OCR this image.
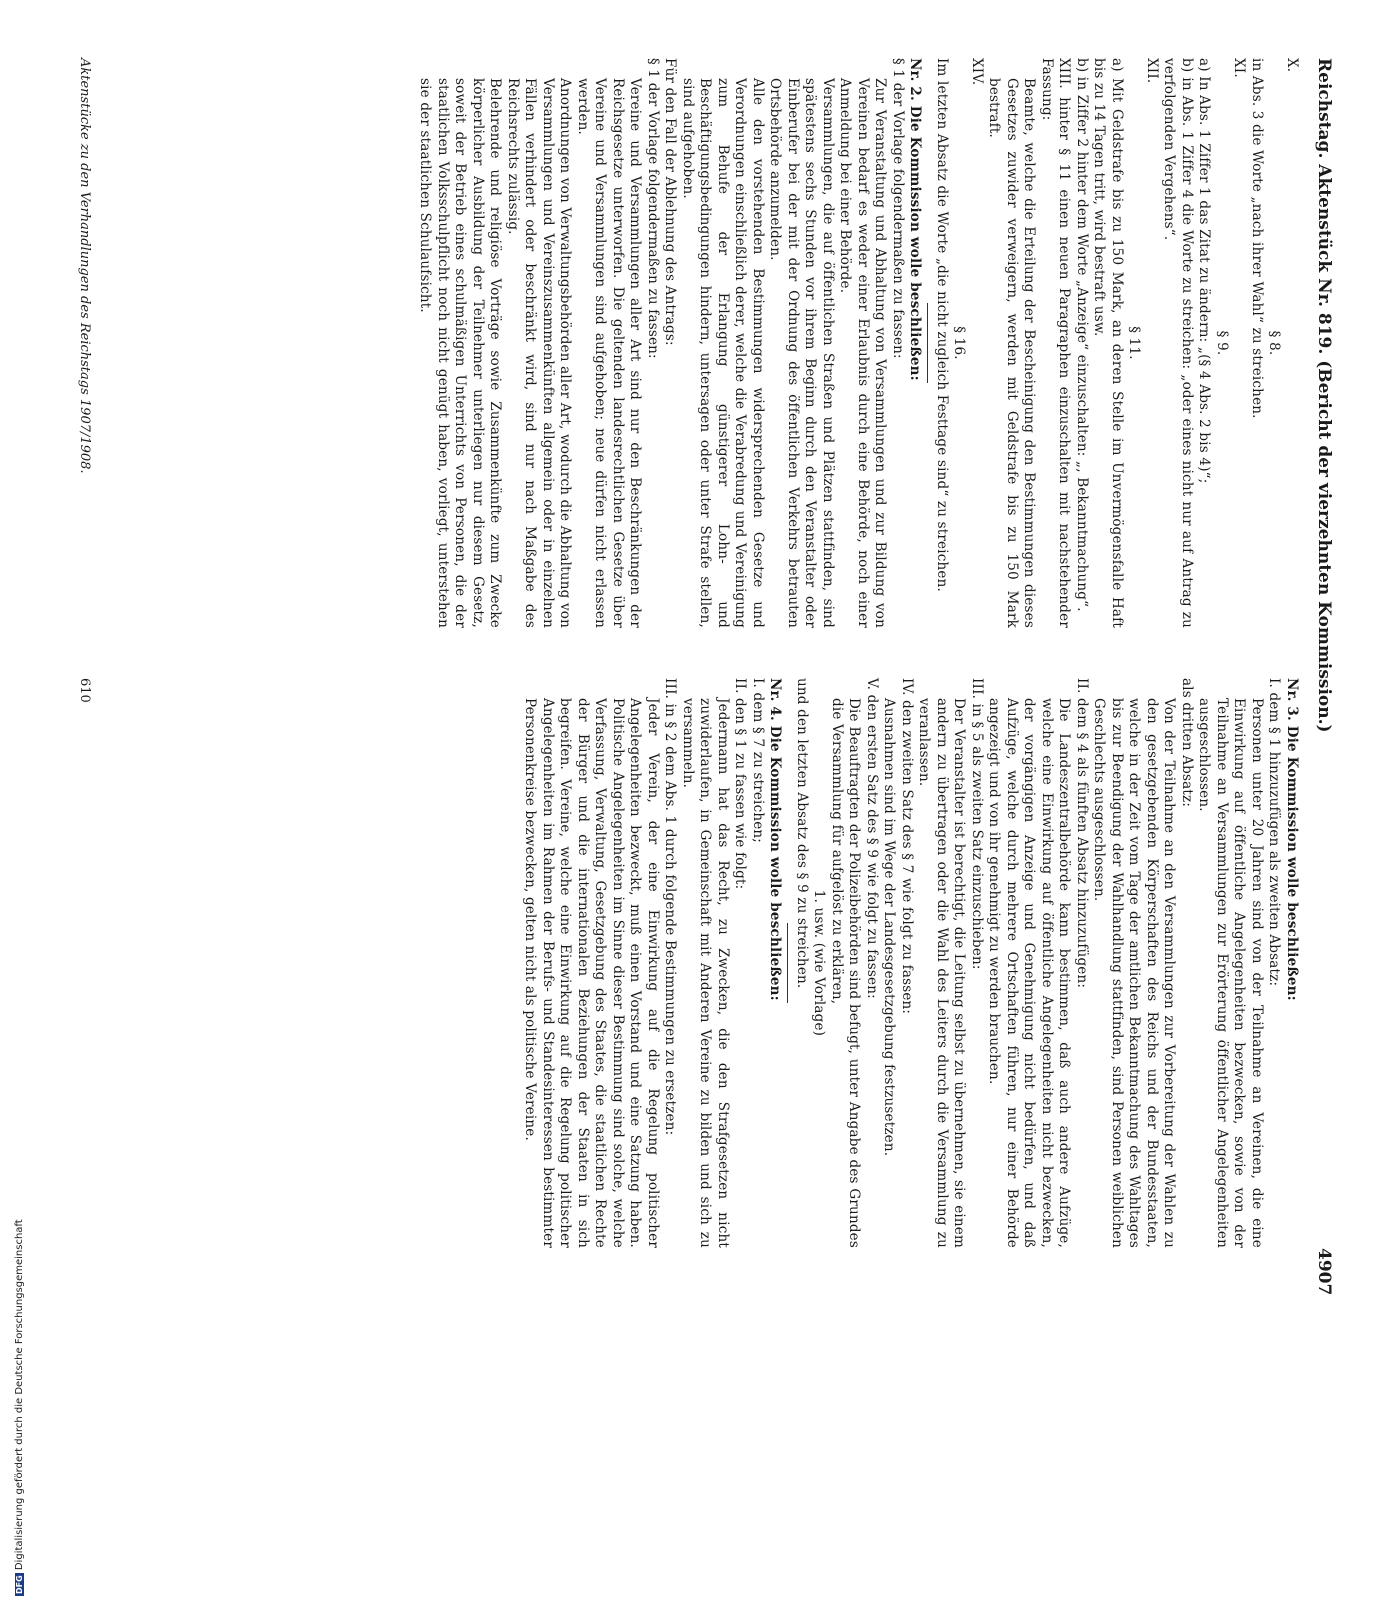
Reichstag. Aktenstück Nr. 819. (Bericht der vierzehnten Kommission.)
4907
X.
§ 8.
in Abs. 3 die Worte „nach ihrer Wahl“ zu streichen.
XI.
§ 9.
a) In Abs. 1 Ziffer 1 das Zitat zu ändern: „(§ 4 Abs. 2 bis 4)“;
b) in Abs. 1 Ziffer 4 die Worte zu streichen: „oder eines nicht nur auf Antrag zu verfolgenden Vergehens“.
XII.
§ 11.
a) Mit Geldstrafe bis zu 150 Mark, an deren Stelle im Unvermögensfalle Haft bis zu 14 Tagen tritt, wird bestraft usw.
b) in Ziffer 2 hinter dem Worte „Anzeige“ einzuschalten: „, Bekanntmachung“.
XIII. hinter § 11 einen neuen Paragraphen einzuschalten mit nachstehender Fassung:
Beamte, welche die Erteilung der Bescheinigung den Bestimmungen dieses Gesetzes zuwider verweigern, werden mit Geldstrafe bis zu 150 Mark bestraft.
XIV.
§ 16.
Im letzten Absatz die Worte „die nicht zugleich Festtage sind“ zu streichen.
Nr. 2. Die Kommission wolle beschließen:
§ 1 der Vorlage folgendermaßen zu fassen:
Zur Veranstaltung und Abhaltung von Versammlungen und zur Bildung von Vereinen bedarf es weder einer Erlaubnis durch eine Behörde, noch einer Anmeldung bei einer Behörde.
Versammlungen, die auf öffentlichen Straßen und Plätzen stattfinden, sind spätestens sechs Stunden vor ihrem Beginn durch den Veranstalter oder Einberufer bei der mit der Ordnung des öffentlichen Verkehrs betrauten Ortsbehörde anzumelden.
Alle den vorstehenden Bestimmungen widersprechenden Gesetze und Verordnungen einschließlich derer, welche die Verabredung und Vereinigung zum Behufe der Erlangung günstigerer Lohn- und Beschäftigungsbedingungen hindern, untersagen oder unter Strafe stellen, sind aufgehoben.
Für den Fall der Ablehnung des Antrags:
§ 1 der Vorlage folgendermaßen zu fassen:
Vereine und Versammlungen aller Art sind nur den Beschränkungen der Reichsgesetze unterworfen. Die geltenden landesrechtlichen Gesetze über Vereine und Versammlungen sind aufgehoben; neue dürfen nicht erlassen werden.
Anordnungen von Verwaltungsbehörden aller Art, wodurch die Abhaltung von Versammlungen und Vereinszusammenkünften allgemein oder in einzelnen Fällen verhindert oder beschränkt wird, sind nur nach Maßgabe des Reichsrechts zulässig.
Belehrende und religiöse Vorträge sowie Zusammenkünfte zum Zwecke körperlicher Ausbildung der Teilnehmer unterliegen nur diesem Gesetz, soweit der Betrieb eines schulmäßigen Unterrichts von Personen, die der staatlichen Volksschulpflicht noch nicht genügt haben, vorliegt, unterstehen sie der staatlichen Schulaufsicht.
Nr. 3. Die Kommission wolle beschließen:
I. dem § 1 hinzuzufügen als zweiten Absatz:
Personen unter 20 Jahren sind von der Teilnahme an Vereinen, die eine Einwirkung auf öffentliche Angelegenheiten bezwecken, sowie von der Teilnahme an Versammlungen zur Erörterung öffentlicher Angelegenheiten ausgeschlossen.
als dritten Absatz:
Von der Teilnahme an den Versammlungen zur Vorbereitung der Wahlen zu den gesetzgebenden Körperschaften des Reichs und der Bundesstaaten, welche in der Zeit vom Tage der amtlichen Bekanntmachung des Wahltages bis zur Beendigung der Wahlhandlung stattfinden, sind Personen weiblichen Geschlechts ausgeschlossen.
II. dem § 4 als fünften Absatz hinzuzufügen:
Die Landeszentralbehörde kann bestimmen, daß auch andere Aufzüge, welche eine Einwirkung auf öffentliche Angelegenheiten nicht bezwecken, der vorgängigen Anzeige und Genehmigung nicht bedürfen, und daß Aufzüge, welche durch mehrere Ortschaften führen, nur einer Behörde angezeigt und von ihr genehmigt zu werden brauchen.
III. in § 5 als zweiten Satz einzuschieben:
Der Veranstalter ist berechtigt, die Leitung selbst zu übernehmen, sie einem andern zu übertragen oder die Wahl des Leiters durch die Versammlung zu veranlassen.
IV. den zweiten Satz des § 7 wie folgt zu fassen:
Ausnahmen sind im Wege der Landesgesetzgebung festzusetzen.
V. den ersten Satz des § 9 wie folgt zu fassen:
Die Beauftragten der Polizeibehörden sind befugt, unter Angabe des Grundes die Versammlung für aufgelöst zu erklären,
1. usw. (wie Vorlage)
und den letzten Absatz des § 9 zu streichen.
Nr. 4. Die Kommission wolle beschließen:
I. dem § 7 zu streichen;
II. den § 1 zu fassen wie folgt:
Jedermann hat das Recht, zu Zwecken, die den Strafgesetzen nicht zuwiderlaufen, in Gemeinschaft mit Anderen Vereine zu bilden und sich zu versammeln.
III. in § 2 dem Abs. 1 durch folgende Bestimmungen zu ersetzen:
Jeder Verein, der eine Einwirkung auf die Regelung politischer Angelegenheiten bezweckt, muß einen Vorstand und eine Satzung haben. Politische Angelegenheiten im Sinne dieser Bestimmung sind solche, welche Verfassung, Verwaltung, Gesetzgebung des Staates, die staatlichen Rechte der Bürger und die internationalen Beziehungen der Staaten in sich begreifen. Vereine, welche eine Einwirkung auf die Regelung politischer Angelegenheiten im Rahmen der Berufs- und Standesinteressen bestimmter Personenkreise bezwecken, gelten nicht als politische Vereine.
Aktenstücke zu den Verhandlungen des Reichstags 1907/1908.
610
DFG Digitalisierung gefördert durch die Deutsche Forschungsgemeinschaft
